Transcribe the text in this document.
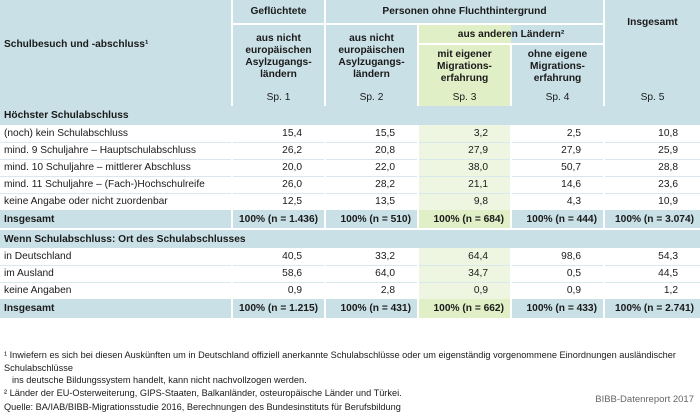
Schulbesuch und -abschluss¹	Geflüchtete	Personen ohne Fluchthintergrund			Insgesamt
	aus nicht europäischen Asylzugangs-ländern	aus nicht europäischen Asylzugangs-ländern	aus anderen Ländern²		
			mit eigener Migrations-erfahrung	ohne eigene Migrations-erfahrung	
	Sp. 1	Sp. 2	Sp. 3	Sp. 4	Sp. 5
Höchster Schulabschluss					
(noch) kein Schulabschluss	15,4	15,5	3,2	2,5	10,8
mind. 9 Schuljahre – Hauptschulabschluss	26,2	20,8	27,9	27,9	25,9
mind. 10 Schuljahre – mittlerer Abschluss	20,0	22,0	38,0	50,7	28,8
mind. 11 Schuljahre – (Fach-)Hochschulreife	26,0	28,2	21,1	14,6	23,6
keine Angabe oder nicht zuordenbar	12,5	13,5	9,8	4,3	10,9
Insgesamt	100% (n = 1.436)	100% (n = 510)	100% (n = 684)	100% (n = 444)	100% (n = 3.074)
Wenn Schulabschluss: Ort des Schulabschlusses					
in Deutschland	40,5	33,2	64,4	98,6	54,3
im Ausland	58,6	64,0	34,7	0,5	44,5
keine Angaben	0,9	2,8	0,9	0,9	1,2
Insgesamt	100% (n = 1.215)	100% (n = 431)	100% (n = 662)	100% (n = 433)	100% (n = 2.741)
¹ Inwiefern es sich bei diesen Auskünften um in Deutschland offiziell anerkannte Schulabschlüsse oder um eigenständig vorgenommene Einordnungen ausländischer Schulabschlüsse
ins deutsche Bildungssystem handelt, kann nicht nachvollzogen werden.
² Länder der EU-Osterweiterung, GIPS-Staaten, Balkanländer, osteuropäische Länder und Türkei.
Quelle: BA/IAB/BIBB-Migrationsstudie 2016, Berechnungen des Bundesinstituts für Berufsbildung
BIBB-Datenreport 2017
